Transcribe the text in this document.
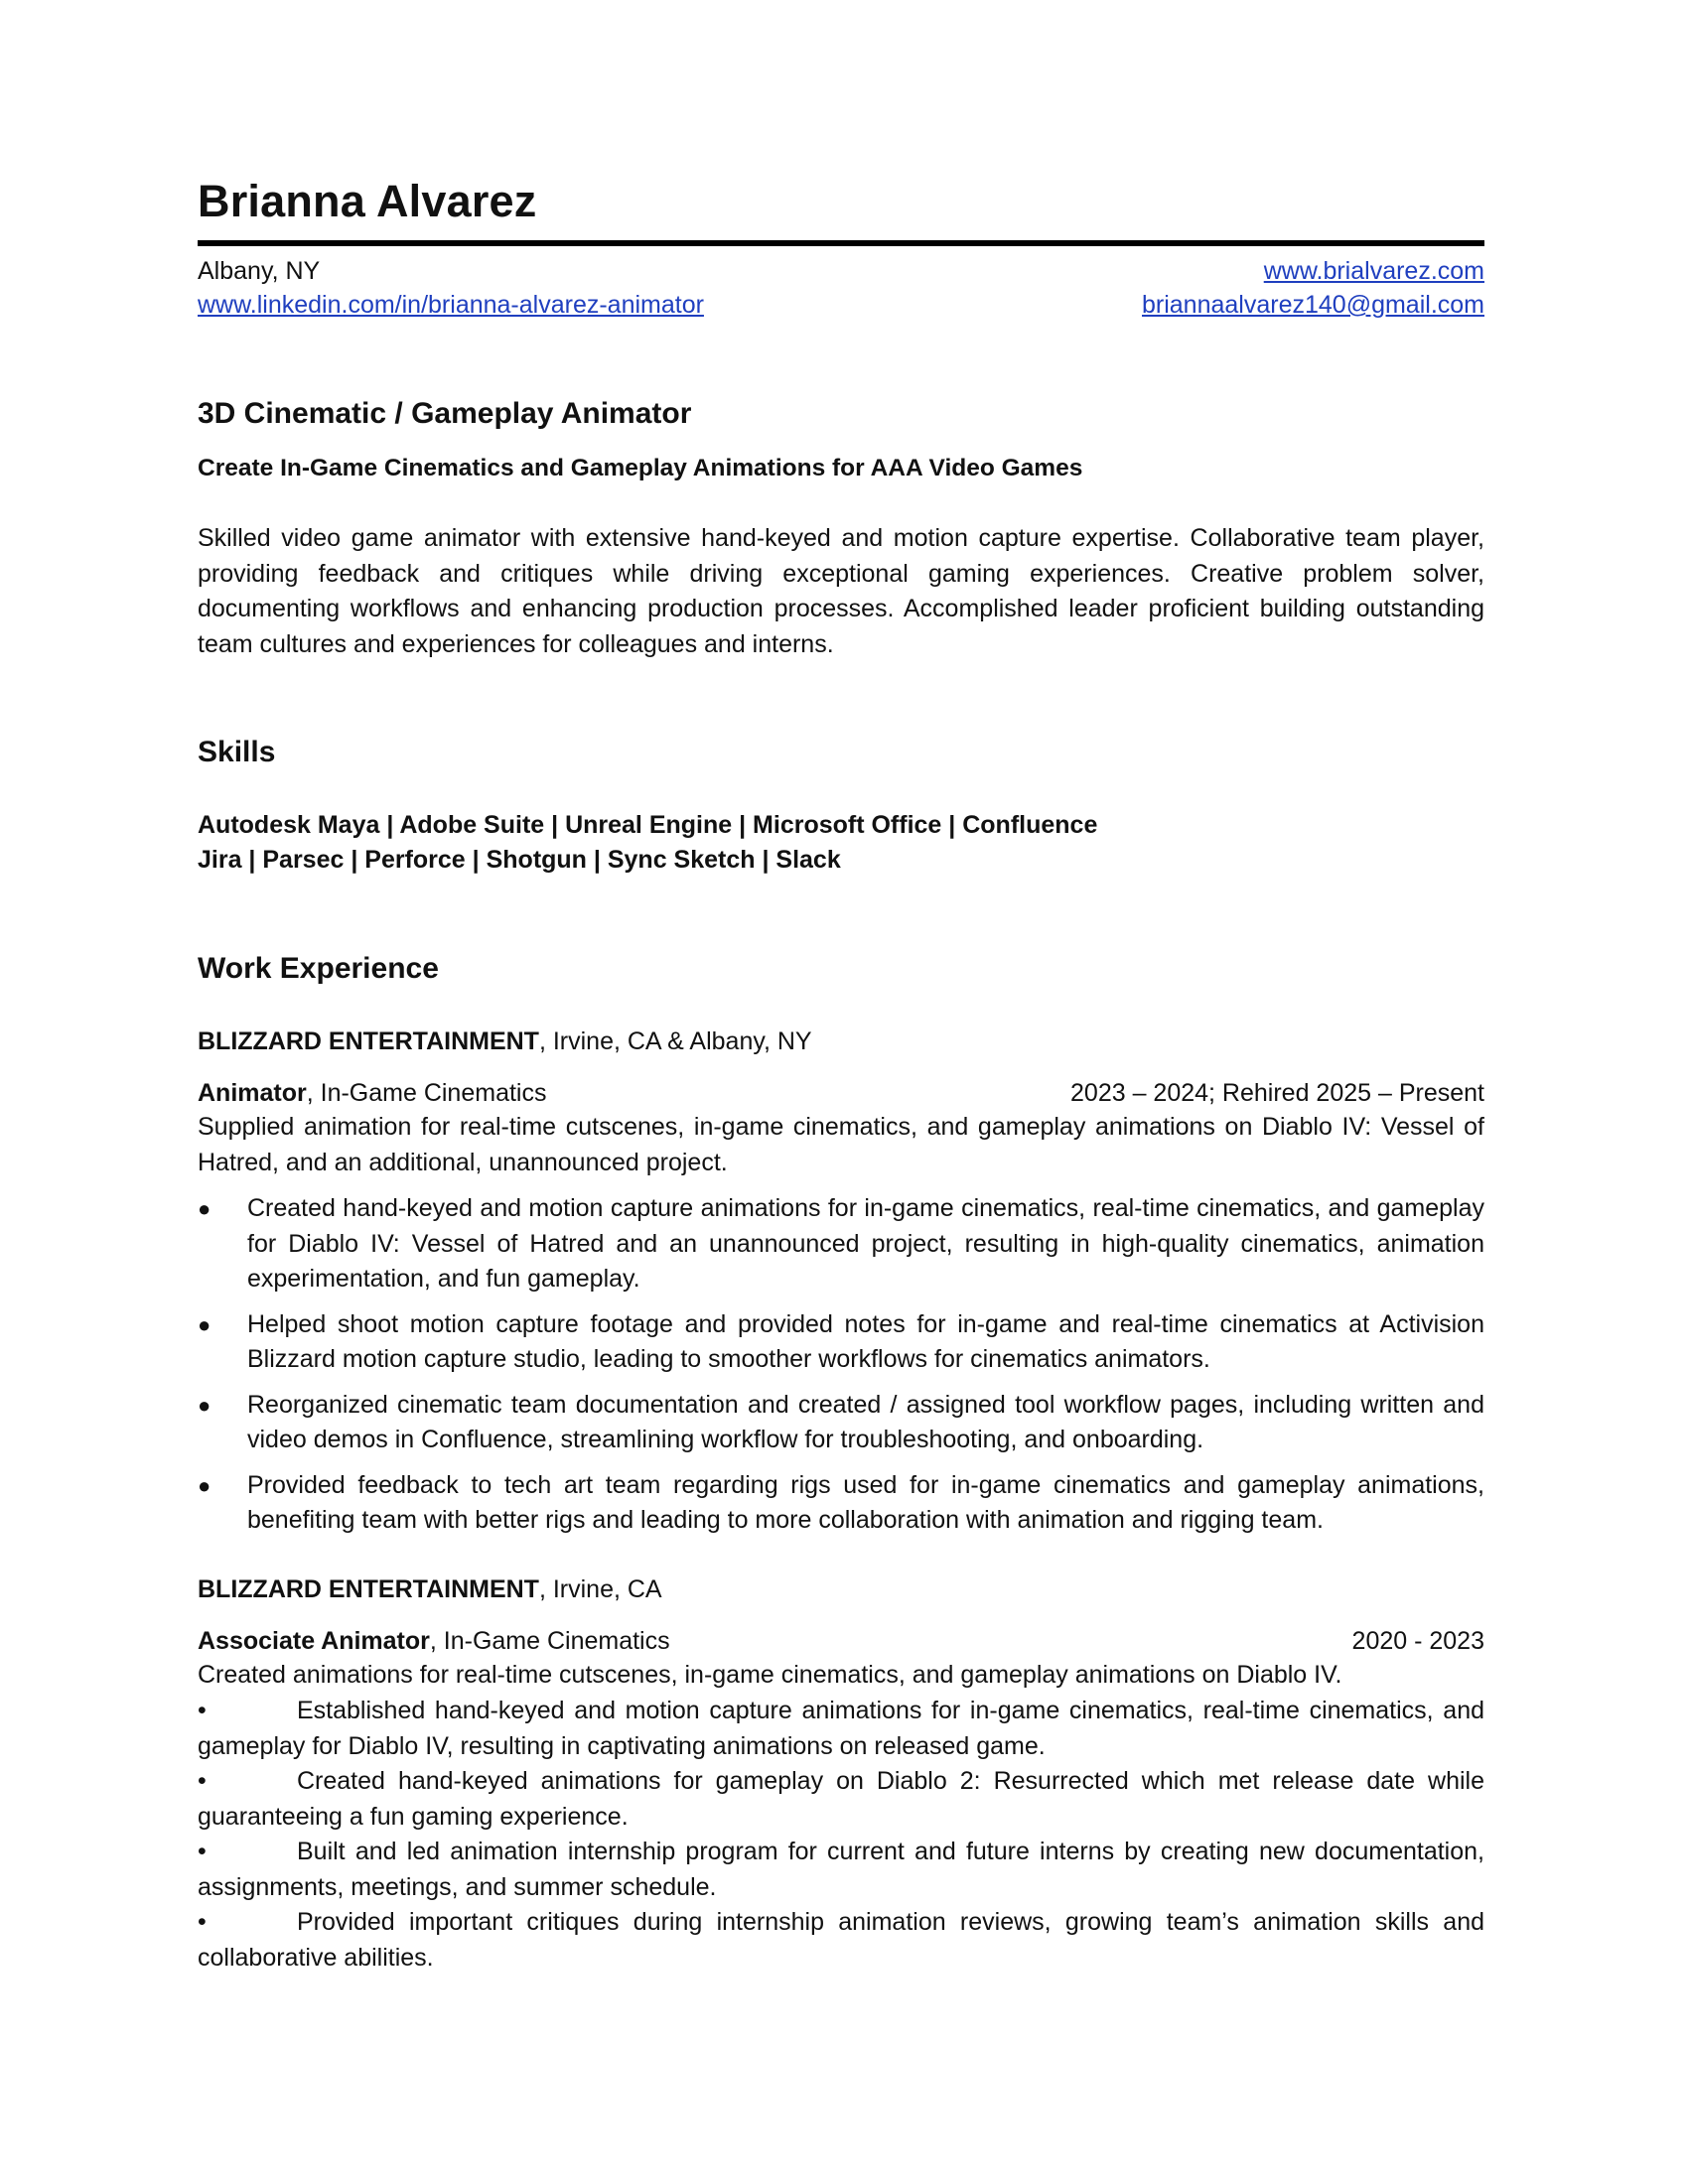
Brianna Alvarez
Albany, NY	www.brialvarez.com
www.linkedin.com/in/brianna-alvarez-animator	briannaalvarez140@gmail.com
3D Cinematic / Gameplay Animator
Create In-Game Cinematics and Gameplay Animations for AAA Video Games
Skilled video game animator with extensive hand-keyed and motion capture expertise. Collaborative team player, providing feedback and critiques while driving exceptional gaming experiences. Creative problem solver, documenting workflows and enhancing production processes. Accomplished leader proficient building outstanding team cultures and experiences for colleagues and interns.
Skills
Autodesk Maya | Adobe Suite | Unreal Engine | Microsoft Office | Confluence
Jira | Parsec | Perforce | Shotgun | Sync Sketch | Slack
Work Experience
BLIZZARD ENTERTAINMENT, Irvine, CA & Albany, NY
Animator, In-Game Cinematics	2023 – 2024; Rehired 2025 – Present
Supplied animation for real-time cutscenes, in-game cinematics, and gameplay animations on Diablo IV: Vessel of Hatred, and an additional, unannounced project.
● Created hand-keyed and motion capture animations for in-game cinematics, real-time cinematics, and gameplay for Diablo IV: Vessel of Hatred and an unannounced project, resulting in high-quality cinematics, animation experimentation, and fun gameplay.
● Helped shoot motion capture footage and provided notes for in-game and real-time cinematics at Activision Blizzard motion capture studio, leading to smoother workflows for cinematics animators.
● Reorganized cinematic team documentation and created / assigned tool workflow pages, including written and video demos in Confluence, streamlining workflow for troubleshooting, and onboarding.
● Provided feedback to tech art team regarding rigs used for in-game cinematics and gameplay animations, benefiting team with better rigs and leading to more collaboration with animation and rigging team.
BLIZZARD ENTERTAINMENT, Irvine, CA
Associate Animator, In-Game Cinematics	2020 - 2023
Created animations for real-time cutscenes, in-game cinematics, and gameplay animations on Diablo IV.
•	Established hand-keyed and motion capture animations for in-game cinematics, real-time cinematics, and gameplay for Diablo IV, resulting in captivating animations on released game.
•	Created hand-keyed animations for gameplay on Diablo 2: Resurrected which met release date while guaranteeing a fun gaming experience.
•	Built and led animation internship program for current and future interns by creating new documentation, assignments, meetings, and summer schedule.
•	Provided important critiques during internship animation reviews, growing team’s animation skills and collaborative abilities.
